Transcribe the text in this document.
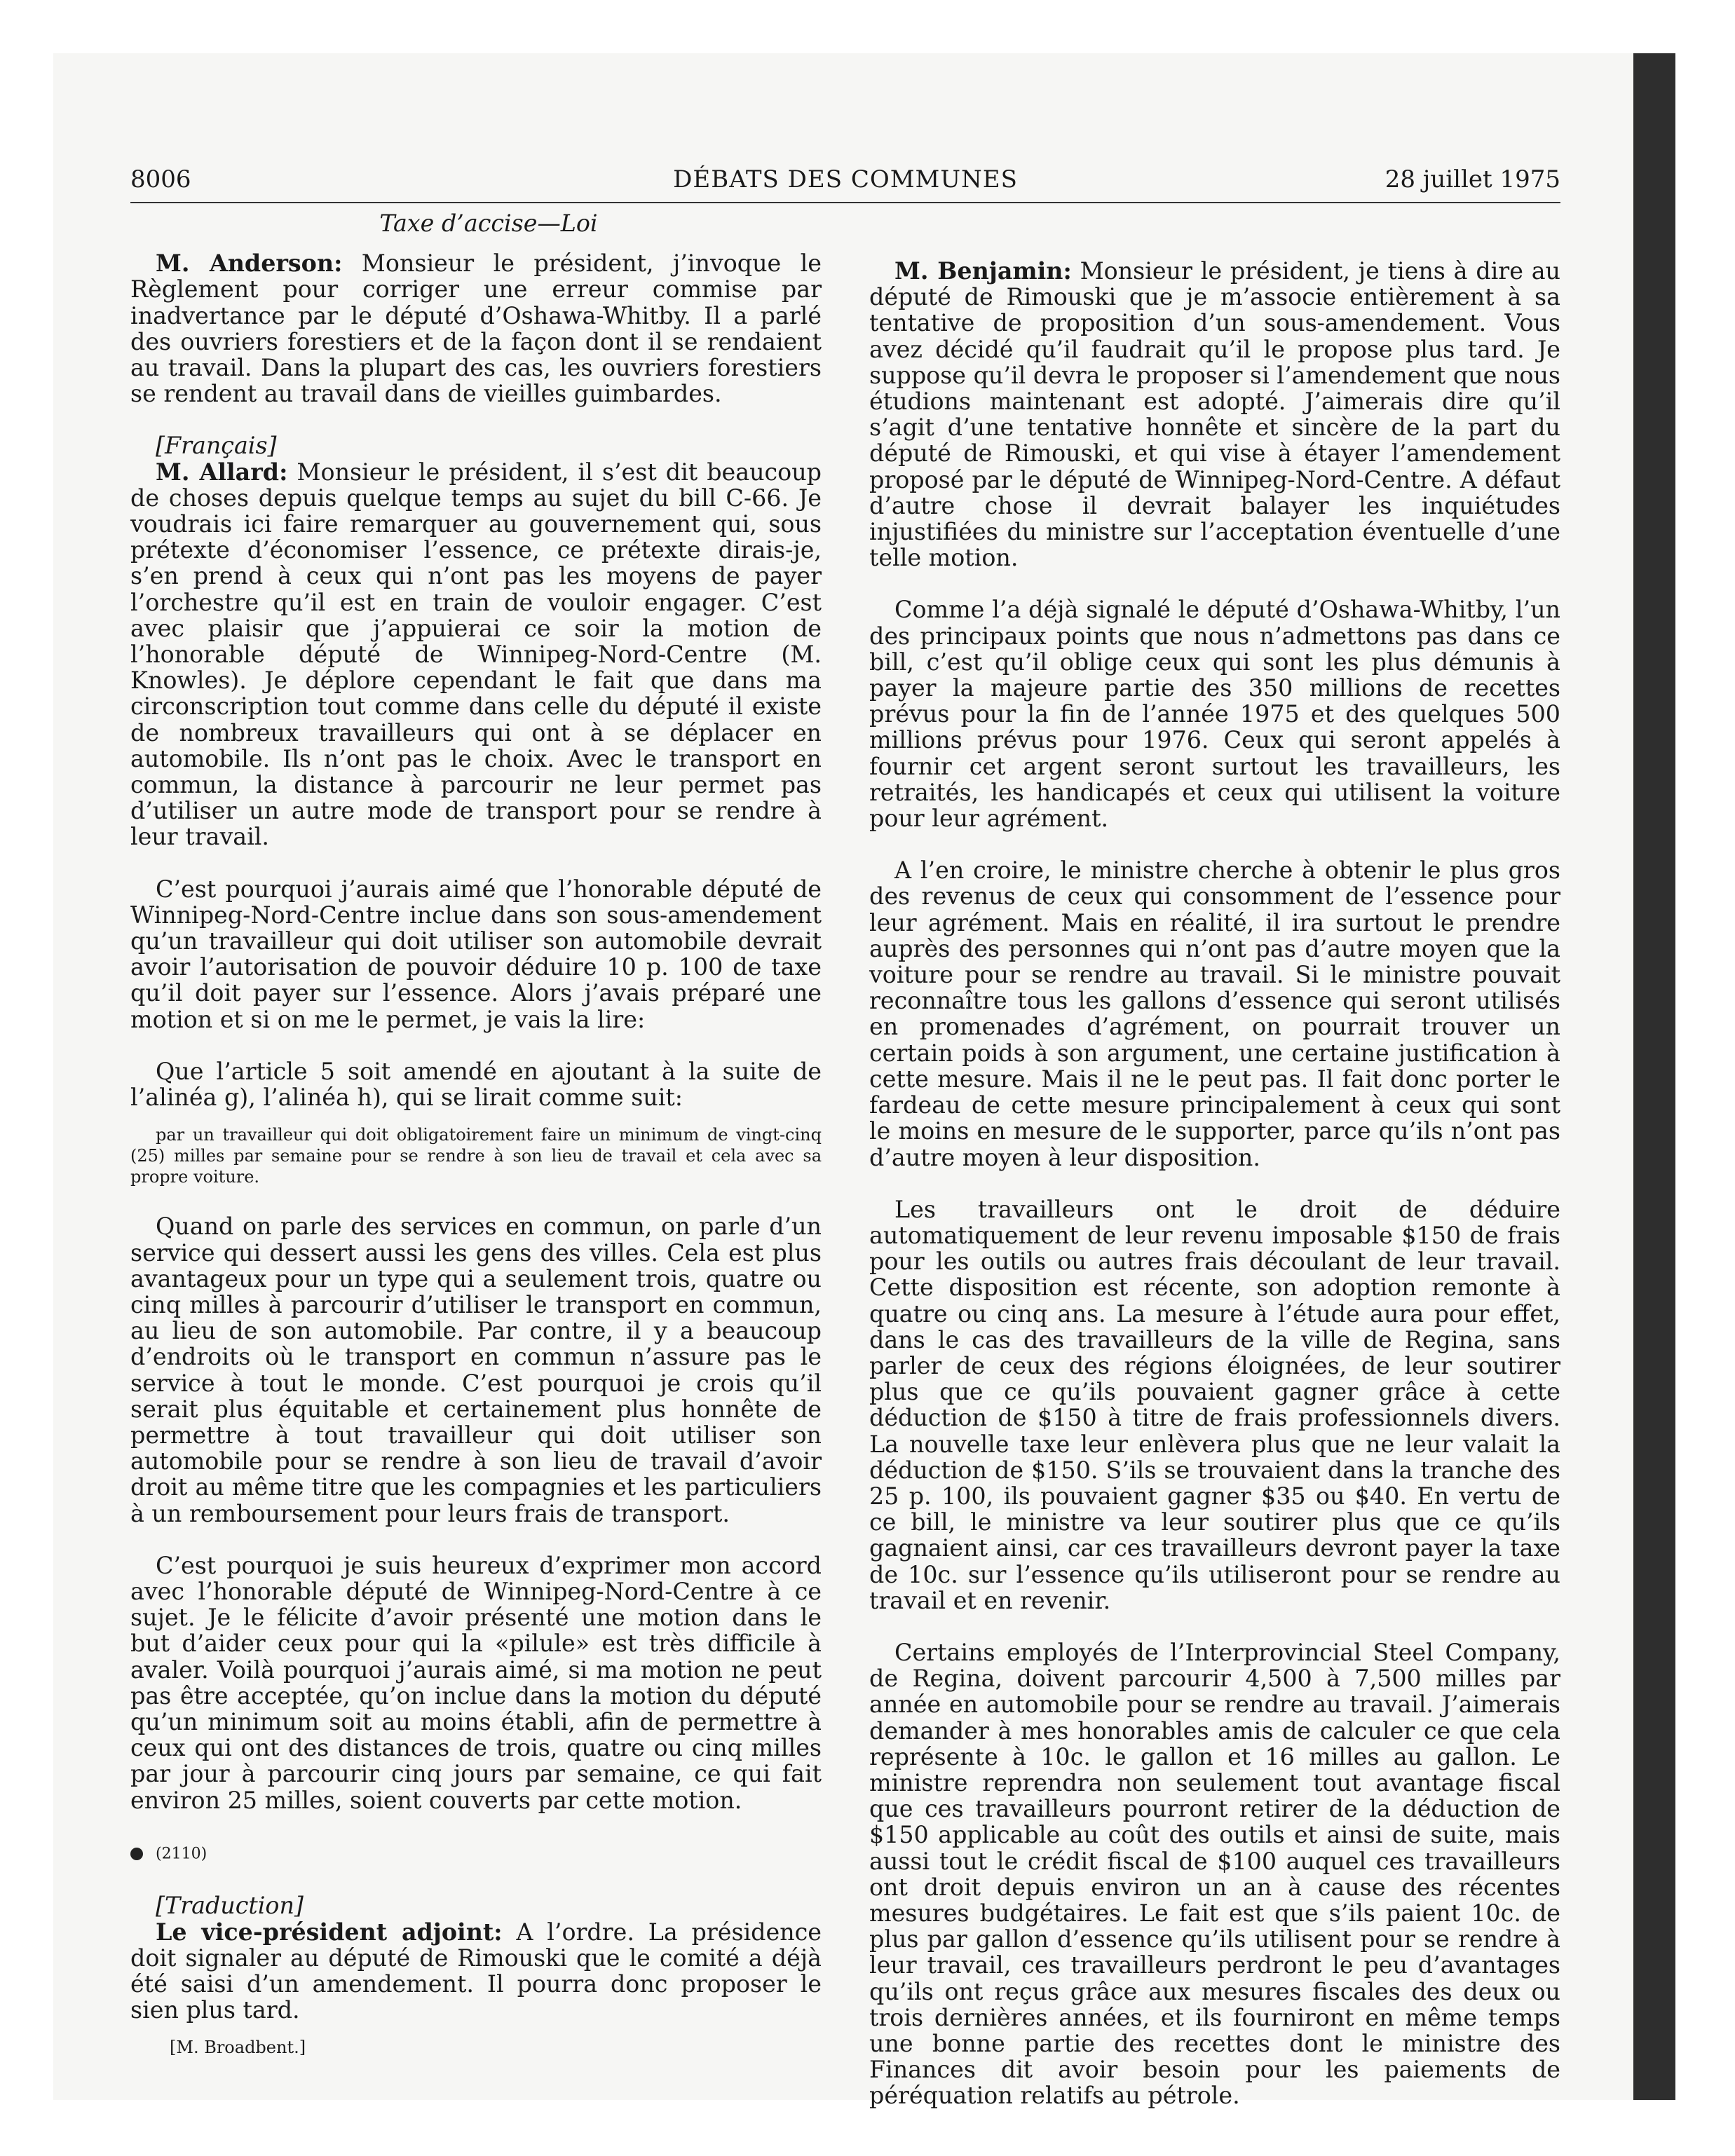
8006	DÉBATS DES COMMUNES	28 juillet 1975

Taxe d’accise—Loi

M. Anderson: Monsieur le président, j’invoque le Règlement pour corriger une erreur commise par inadvertance par le député d’Oshawa-Whitby. Il a parlé des ouvriers forestiers et de la façon dont il se rendaient au travail. Dans la plupart des cas, les ouvriers forestiers se rendent au travail dans de vieilles guimbardes.

[Français]

M. Allard: Monsieur le président, il s’est dit beaucoup de choses depuis quelque temps au sujet du bill C-66. Je voudrais ici faire remarquer au gouvernement qui, sous prétexte d’économiser l’essence, ce prétexte dirais-je, s’en prend à ceux qui n’ont pas les moyens de payer l’orchestre qu’il est en train de vouloir engager. C’est avec plaisir que j’appuierai ce soir la motion de l’honorable député de Winnipeg-Nord-Centre (M. Knowles). Je déplore cependant le fait que dans ma circonscription tout comme dans celle du député il existe de nombreux travailleurs qui ont à se déplacer en automobile. Ils n’ont pas le choix. Avec le transport en commun, la distance à parcourir ne leur permet pas d’utiliser un autre mode de transport pour se rendre à leur travail.

C’est pourquoi j’aurais aimé que l’honorable député de Winnipeg-Nord-Centre inclue dans son sous-amendement qu’un travailleur qui doit utiliser son automobile devrait avoir l’autorisation de pouvoir déduire 10 p. 100 de taxe qu’il doit payer sur l’essence. Alors j’avais préparé une motion et si on me le permet, je vais la lire:

Que l’article 5 soit amendé en ajoutant à la suite de l’alinéa g), l’alinéa h), qui se lirait comme suit:

par un travailleur qui doit obligatoirement faire un minimum de vingt-cinq (25) milles par semaine pour se rendre à son lieu de travail et cela avec sa propre voiture.

Quand on parle des services en commun, on parle d’un service qui dessert aussi les gens des villes. Cela est plus avantageux pour un type qui a seulement trois, quatre ou cinq milles à parcourir d’utiliser le transport en commun, au lieu de son automobile. Par contre, il y a beaucoup d’endroits où le transport en commun n’assure pas le service à tout le monde. C’est pourquoi je crois qu’il serait plus équitable et certainement plus honnête de permettre à tout travailleur qui doit utiliser son automobile pour se rendre à son lieu de travail d’avoir droit au même titre que les compagnies et les particuliers à un remboursement pour leurs frais de transport.

C’est pourquoi je suis heureux d’exprimer mon accord avec l’honorable député de Winnipeg-Nord-Centre à ce sujet. Je le félicite d’avoir présenté une motion dans le but d’aider ceux pour qui la «pilule» est très difficile à avaler. Voilà pourquoi j’aurais aimé, si ma motion ne peut pas être acceptée, qu’on inclue dans la motion du député qu’un minimum soit au moins établi, afin de permettre à ceux qui ont des distances de trois, quatre ou cinq milles par jour à parcourir cinq jours par semaine, ce qui fait environ 25 milles, soient couverts par cette motion.

(2110)

[Traduction]

Le vice-président adjoint: A l’ordre. La présidence doit signaler au député de Rimouski que le comité a déjà été saisi d’un amendement. Il pourra donc proposer le sien plus tard.

[M. Broadbent.]

M. Benjamin: Monsieur le président, je tiens à dire au député de Rimouski que je m’associe entièrement à sa tentative de proposition d’un sous-amendement. Vous avez décidé qu’il faudrait qu’il le propose plus tard. Je suppose qu’il devra le proposer si l’amendement que nous étudions maintenant est adopté. J’aimerais dire qu’il s’agit d’une tentative honnête et sincère de la part du député de Rimouski, et qui vise à étayer l’amendement proposé par le député de Winnipeg-Nord-Centre. A défaut d’autre chose il devrait balayer les inquiétudes injustifiées du ministre sur l’acceptation éventuelle d’une telle motion.

Comme l’a déjà signalé le député d’Oshawa-Whitby, l’un des principaux points que nous n’admettons pas dans ce bill, c’est qu’il oblige ceux qui sont les plus démunis à payer la majeure partie des 350 millions de recettes prévus pour la fin de l’année 1975 et des quelques 500 millions prévus pour 1976. Ceux qui seront appelés à fournir cet argent seront surtout les travailleurs, les retraités, les handicapés et ceux qui utilisent la voiture pour leur agrément.

A l’en croire, le ministre cherche à obtenir le plus gros des revenus de ceux qui consomment de l’essence pour leur agrément. Mais en réalité, il ira surtout le prendre auprès des personnes qui n’ont pas d’autre moyen que la voiture pour se rendre au travail. Si le ministre pouvait reconnaître tous les gallons d’essence qui seront utilisés en promenades d’agrément, on pourrait trouver un certain poids à son argument, une certaine justification à cette mesure. Mais il ne le peut pas. Il fait donc porter le fardeau de cette mesure principalement à ceux qui sont le moins en mesure de le supporter, parce qu’ils n’ont pas d’autre moyen à leur disposition.

Les travailleurs ont le droit de déduire automatiquement de leur revenu imposable $150 de frais pour les outils ou autres frais découlant de leur travail. Cette disposition est récente, son adoption remonte à quatre ou cinq ans. La mesure à l’étude aura pour effet, dans le cas des travailleurs de la ville de Regina, sans parler de ceux des régions éloignées, de leur soutirer plus que ce qu’ils pouvaient gagner grâce à cette déduction de $150 à titre de frais professionnels divers. La nouvelle taxe leur enlèvera plus que ne leur valait la déduction de $150. S’ils se trouvaient dans la tranche des 25 p. 100, ils pouvaient gagner $35 ou $40. En vertu de ce bill, le ministre va leur soutirer plus que ce qu’ils gagnaient ainsi, car ces travailleurs devront payer la taxe de 10c. sur l’essence qu’ils utiliseront pour se rendre au travail et en revenir.

Certains employés de l’Interprovincial Steel Company, de Regina, doivent parcourir 4,500 à 7,500 milles par année en automobile pour se rendre au travail. J’aimerais demander à mes honorables amis de calculer ce que cela représente à 10c. le gallon et 16 milles au gallon. Le ministre reprendra non seulement tout avantage fiscal que ces travailleurs pourront retirer de la déduction de $150 applicable au coût des outils et ainsi de suite, mais aussi tout le crédit fiscal de $100 auquel ces travailleurs ont droit depuis environ un an à cause des récentes mesures budgétaires. Le fait est que s’ils paient 10c. de plus par gallon d’essence qu’ils utilisent pour se rendre à leur travail, ces travailleurs perdront le peu d’avantages qu’ils ont reçus grâce aux mesures fiscales des deux ou trois dernières années, et ils fourniront en même temps une bonne partie des recettes dont le ministre des Finances dit avoir besoin pour les paiements de péréquation relatifs au pétrole.
